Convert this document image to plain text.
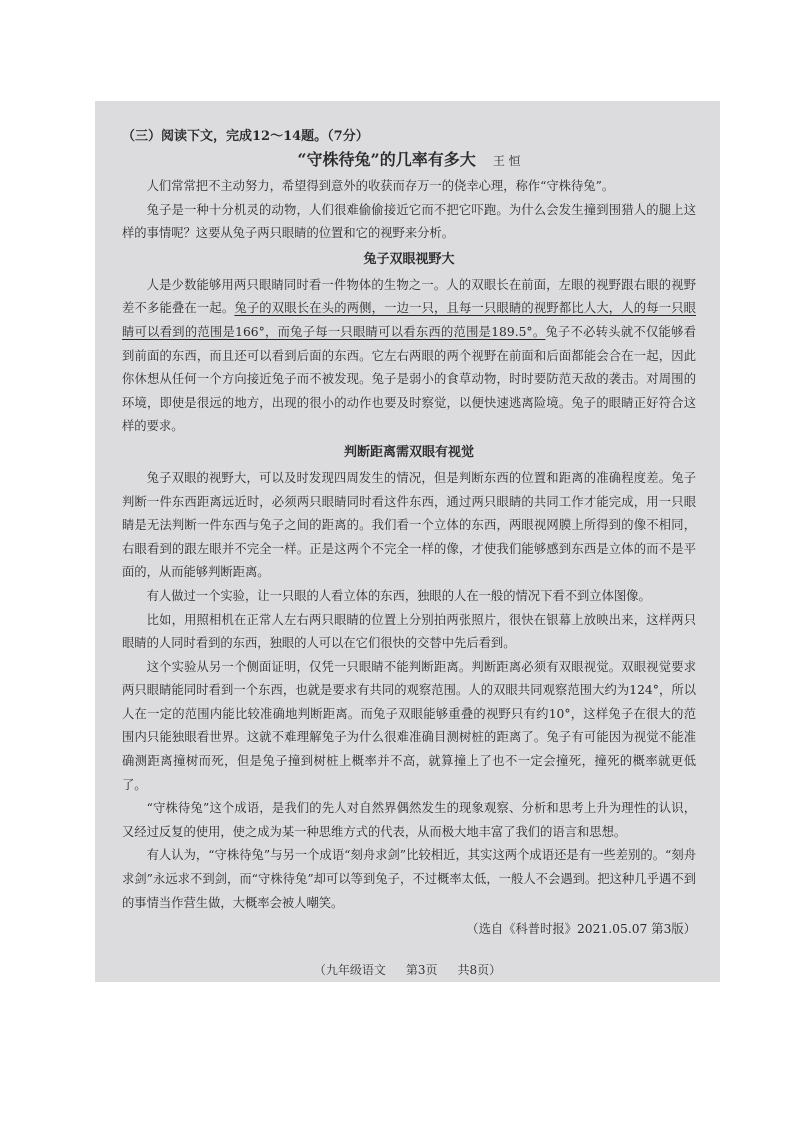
（三）阅读下文，完成12～14题。（7分）
“守株待兔”的几率有多大 王 恒

人们常常把不主动努力，希望得到意外的收获而存万一的侥幸心理，称作“守株待兔”。

兔子是一种十分机灵的动物，人们很难偷偷接近它而不把它吓跑。为什么会发生撞到围猎人的腿上这样的事情呢？这要从兔子两只眼睛的位置和它的视野来分析。

兔子双眼视野大

人是少数能够用两只眼睛同时看一件物体的生物之一。人的双眼长在前面，左眼的视野跟右眼的视野差不多能叠在一起。兔子的双眼长在头的两侧，一边一只，且每一只眼睛的视野都比人大，人的每一只眼睛可以看到的范围是166°，而兔子每一只眼睛可以看东西的范围是189.5°。兔子不必转头就不仅能够看到前面的东西，而且还可以看到后面的东西。它左右两眼的两个视野在前面和后面都能会合在一起，因此你休想从任何一个方向接近兔子而不被发现。兔子是弱小的食草动物，时时要防范天敌的袭击。对周围的环境，即使是很远的地方，出现的很小的动作也要及时察觉，以便快速逃离险境。兔子的眼睛正好符合这样的要求。

判断距离需双眼有视觉

兔子双眼的视野大，可以及时发现四周发生的情况，但是判断东西的位置和距离的准确程度差。兔子判断一件东西距离远近时，必须两只眼睛同时看这件东西，通过两只眼睛的共同工作才能完成，用一只眼睛是无法判断一件东西与兔子之间的距离的。我们看一个立体的东西，两眼视网膜上所得到的像不相同，右眼看到的跟左眼并不完全一样。正是这两个不完全一样的像，才使我们能够感到东西是立体的而不是平面的，从而能够判断距离。

有人做过一个实验，让一只眼的人看立体的东西，独眼的人在一般的情况下看不到立体图像。

比如，用照相机在正常人左右两只眼睛的位置上分别拍两张照片，很快在银幕上放映出来，这样两只眼睛的人同时看到的东西，独眼的人可以在它们很快的交替中先后看到。

这个实验从另一个侧面证明，仅凭一只眼睛不能判断距离。判断距离必须有双眼视觉。双眼视觉要求两只眼睛能同时看到一个东西，也就是要求有共同的观察范围。人的双眼共同观察范围大约为124°，所以人在一定的范围内能比较准确地判断距离。而兔子双眼能够重叠的视野只有约10°，这样兔子在很大的范围内只能独眼看世界。这就不难理解兔子为什么很难准确目测树桩的距离了。兔子有可能因为视觉不能准确测距离撞树而死，但是兔子撞到树桩上概率并不高，就算撞上了也不一定会撞死，撞死的概率就更低了。

“守株待兔”这个成语，是我们的先人对自然界偶然发生的现象观察、分析和思考上升为理性的认识，又经过反复的使用，使之成为某一种思维方式的代表，从而极大地丰富了我们的语言和思想。

有人认为，“守株待兔”与另一个成语“刻舟求剑”比较相近，其实这两个成语还是有一些差别的。“刻舟求剑”永远求不到剑，而“守株待兔”却可以等到兔子，不过概率太低，一般人不会遇到。把这种几乎遇不到的事情当作营生做，大概率会被人嘲笑。

（选自《科普时报》2021.05.07 第3版）
（九年级语文 第3页 共8页）
